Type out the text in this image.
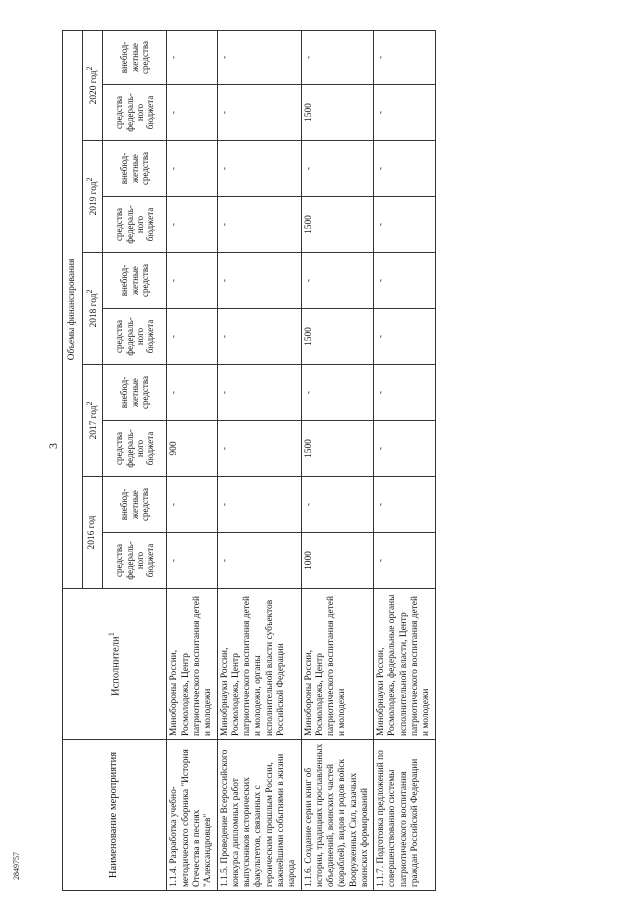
3
2849757	Наименование мероприятия	Исполнители$^1$	Объемы финансирования									
		2016 год		2017 год$^2$		2018 год$^2$		2019 год$^2$		2020 год$^2$
		средства федераль-ного бюджета	внебюд-жетные средства	средства федераль-ного бюджета	внебюд-жетные средства	средства федераль-ного бюджета	внебюд-жетные средства	средства федераль-ного бюджета	внебюд-жетные средства	средства федераль-ного бюджета	внебюд-жетные средства
1.1.4. Разработка учебно-методического сборника "История Отечества в песнях "Александровцев"	Минобороны России, Росмолодежь, Центр патриотического воспитания детей и молодежи	-	-	900	-	-	-	-	-	-	-
1.1.5. Проведение Всероссийского конкурса дипломных работ выпускников исторических факультетов, связанных с героическим прошлым России, важнейшими событиями в жизни народа	Минобрнауки России, Росмолодежь, Центр патриотического воспитания детей и молодежи, органы исполнительной власти субъектов Российской Федерации	-	-	-	-	-	-	-	-	-	-
1.1.6. Создание серии книг об истории, традициях прославленных объединений, воинских частей (кораблей), видов и родов войск Вооруженных Сил, казачьих воинских формирований	Минобороны России, Росмолодежь, Центр патриотического воспитания детей и молодежи	1000	-	1500	-	1500	-	1500	-	1500	-
1.1.7. Подготовка предложений по совершенствованию системы патриотического воспитания граждан Российской Федерации	Минобрнауки России, Росмолодежь, федеральные органы исполнительной власти, Центр патриотического воспитания детей и молодежи	-	-	-	-	-	-	-	-	-	-
